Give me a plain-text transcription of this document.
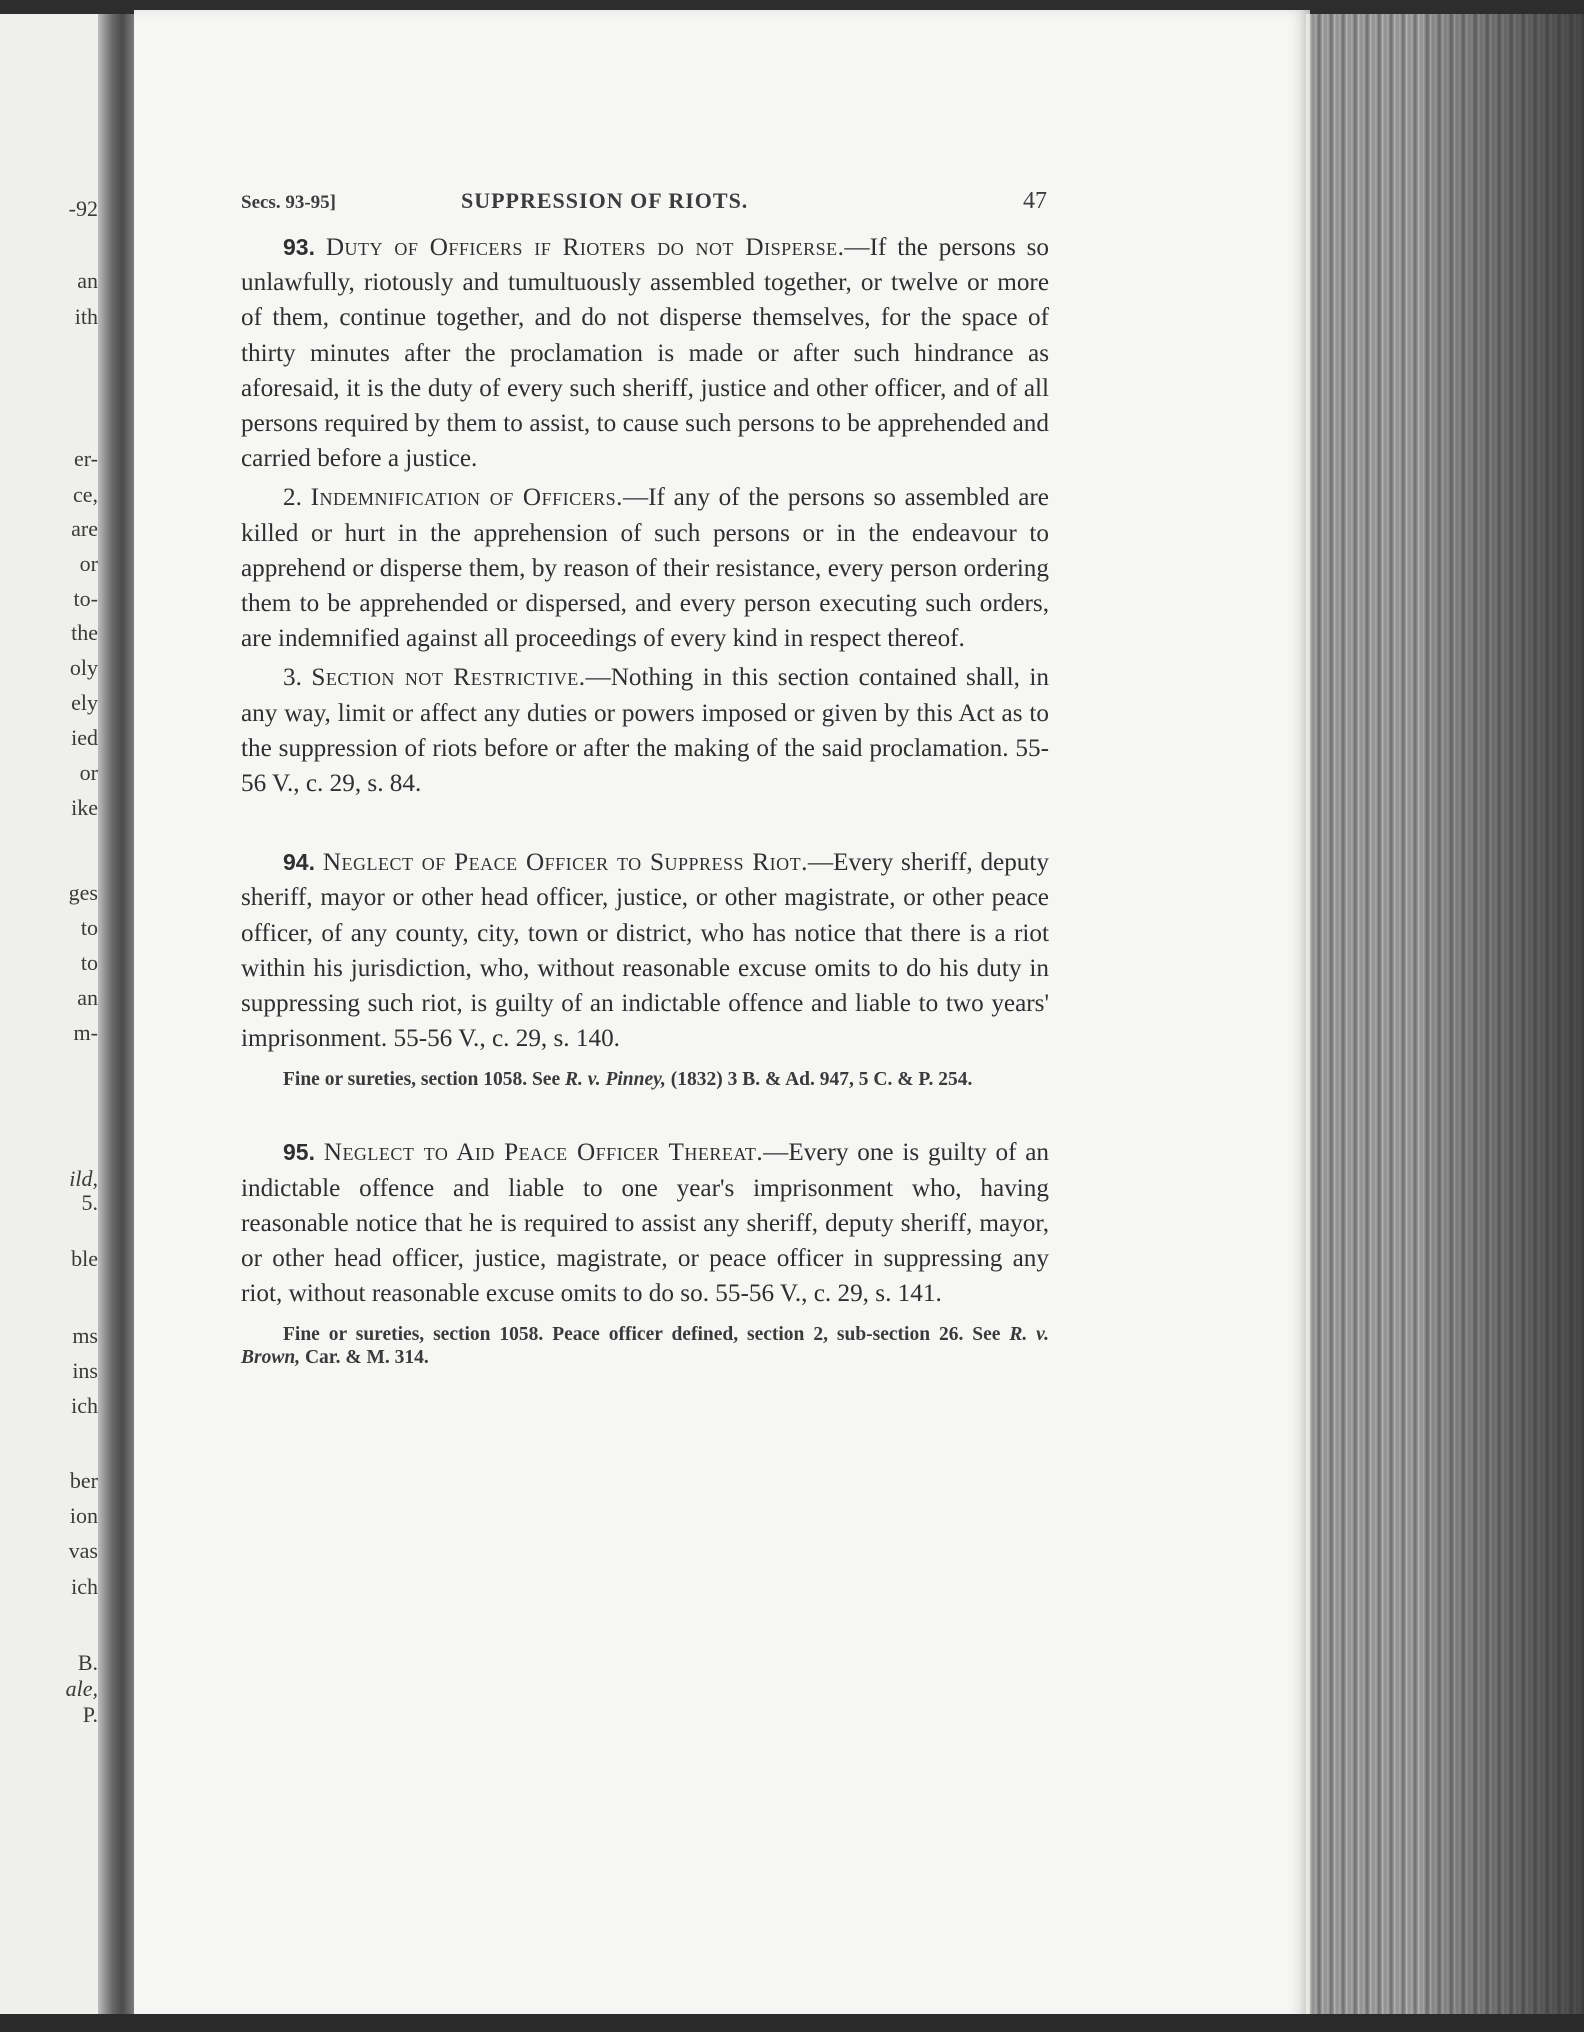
-92
an
ith
er-
ce,
are
or
to-
the
oly
ely
ied
or
ike
ges
to
to
an
m-
ild,
5.
ble
ms
ins
ich
ber
ion
vas
ich
B.
ale,
P.
Secs. 93-95]	SUPPRESSION OF RIOTS.	47

93. Duty of Officers if Rioters do not Disperse.—If the persons so unlawfully, riotously and tumultuously assembled together, or twelve or more of them, continue together, and do not disperse themselves, for the space of thirty minutes after the proclamation is made or after such hindrance as aforesaid, it is the duty of every such sheriff, justice and other officer, and of all persons required by them to assist, to cause such persons to be apprehended and carried before a justice.

2. Indemnification of Officers.—If any of the persons so assembled are killed or hurt in the apprehension of such persons or in the endeavour to apprehend or disperse them, by reason of their resistance, every person ordering them to be apprehended or dispersed, and every person executing such orders, are indemnified against all proceedings of every kind in respect thereof.

3. Section not Restrictive.—Nothing in this section contained shall, in any way, limit or affect any duties or powers imposed or given by this Act as to the suppression of riots before or after the making of the said proclamation. 55-56 V., c. 29, s. 84.

94. Neglect of Peace Officer to Suppress Riot.—Every sheriff, deputy sheriff, mayor or other head officer, justice, or other magistrate, or other peace officer, of any county, city, town or district, who has notice that there is a riot within his jurisdiction, who, without reasonable excuse omits to do his duty in suppressing such riot, is guilty of an indictable offence and liable to two years' imprisonment. 55-56 V., c. 29, s. 140.

Fine or sureties, section 1058. See R. v. Pinney, (1832) 3 B. & Ad. 947, 5 C. & P. 254.

95. Neglect to Aid Peace Officer Thereat.—Every one is guilty of an indictable offence and liable to one year's imprisonment who, having reasonable notice that he is required to assist any sheriff, deputy sheriff, mayor, or other head officer, justice, magistrate, or peace officer in suppressing any riot, without reasonable excuse omits to do so. 55-56 V., c. 29, s. 141.

Fine or sureties, section 1058. Peace officer defined, section 2, sub-section 26. See R. v. Brown, Car. & M. 314.
